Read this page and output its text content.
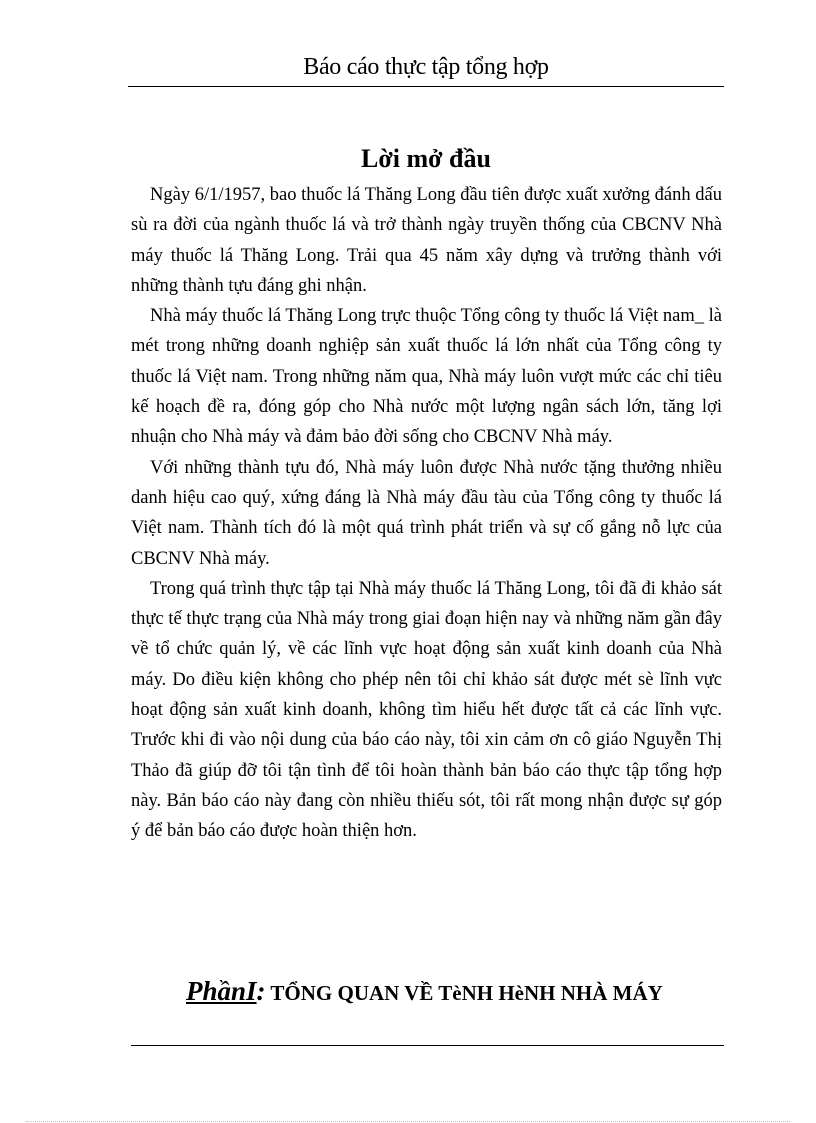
Báo cáo thực tập tổng hợp
Lời mở đầu

Ngày 6/1/1957, bao thuốc lá Thăng Long đầu tiên được xuất xưởng đánh dấu sù ra đời của ngành thuốc lá và trở thành ngày truyền thống của CBCNV Nhà máy thuốc lá Thăng Long. Trải qua 45 năm xây dựng và trưởng thành với những thành tựu đáng ghi nhận.

Nhà máy thuốc lá Thăng Long trực thuộc Tổng công ty thuốc lá Việt nam_ là mét trong những doanh nghiệp sản xuất thuốc lá lớn nhất của Tổng công ty thuốc lá Việt nam. Trong những năm qua, Nhà máy luôn vượt mức các chỉ tiêu kế hoạch đề ra, đóng góp cho Nhà nước một lượng ngân sách lớn, tăng lợi nhuận cho Nhà máy và đảm bảo đời sống cho CBCNV Nhà máy.

Với những thành tựu đó, Nhà máy luôn được Nhà nước tặng thưởng nhiều danh hiệu cao quý, xứng đáng là Nhà máy đầu tàu của Tổng công ty thuốc lá Việt nam. Thành tích đó là một quá trình phát triển và sự cố gắng nỗ lực của CBCNV Nhà máy.

Trong quá trình thực tập tại Nhà máy thuốc lá Thăng Long, tôi đã đi khảo sát thực tế thực trạng của Nhà máy trong giai đoạn hiện nay và những năm gần đây về tổ chức quản lý, về các lĩnh vực hoạt động sản xuất kinh doanh của Nhà máy. Do điều kiện không cho phép nên tôi chỉ khảo sát được mét sè lĩnh vực hoạt động sản xuất kinh doanh, không tìm hiểu hết được tất cả các lĩnh vực. Trước khi đi vào nội dung của báo cáo này, tôi xin cảm ơn cô giáo Nguyễn Thị Thảo đã giúp đỡ tôi tận tình để tôi hoàn thành bản báo cáo thực tập tổng hợp này. Bản báo cáo này đang còn nhiều thiếu sót, tôi rất mong nhận được sự góp ý để bản báo cáo được hoàn thiện hơn.

PhầnI: TỔNG QUAN VỀ TèNH HèNH NHÀ MÁY
